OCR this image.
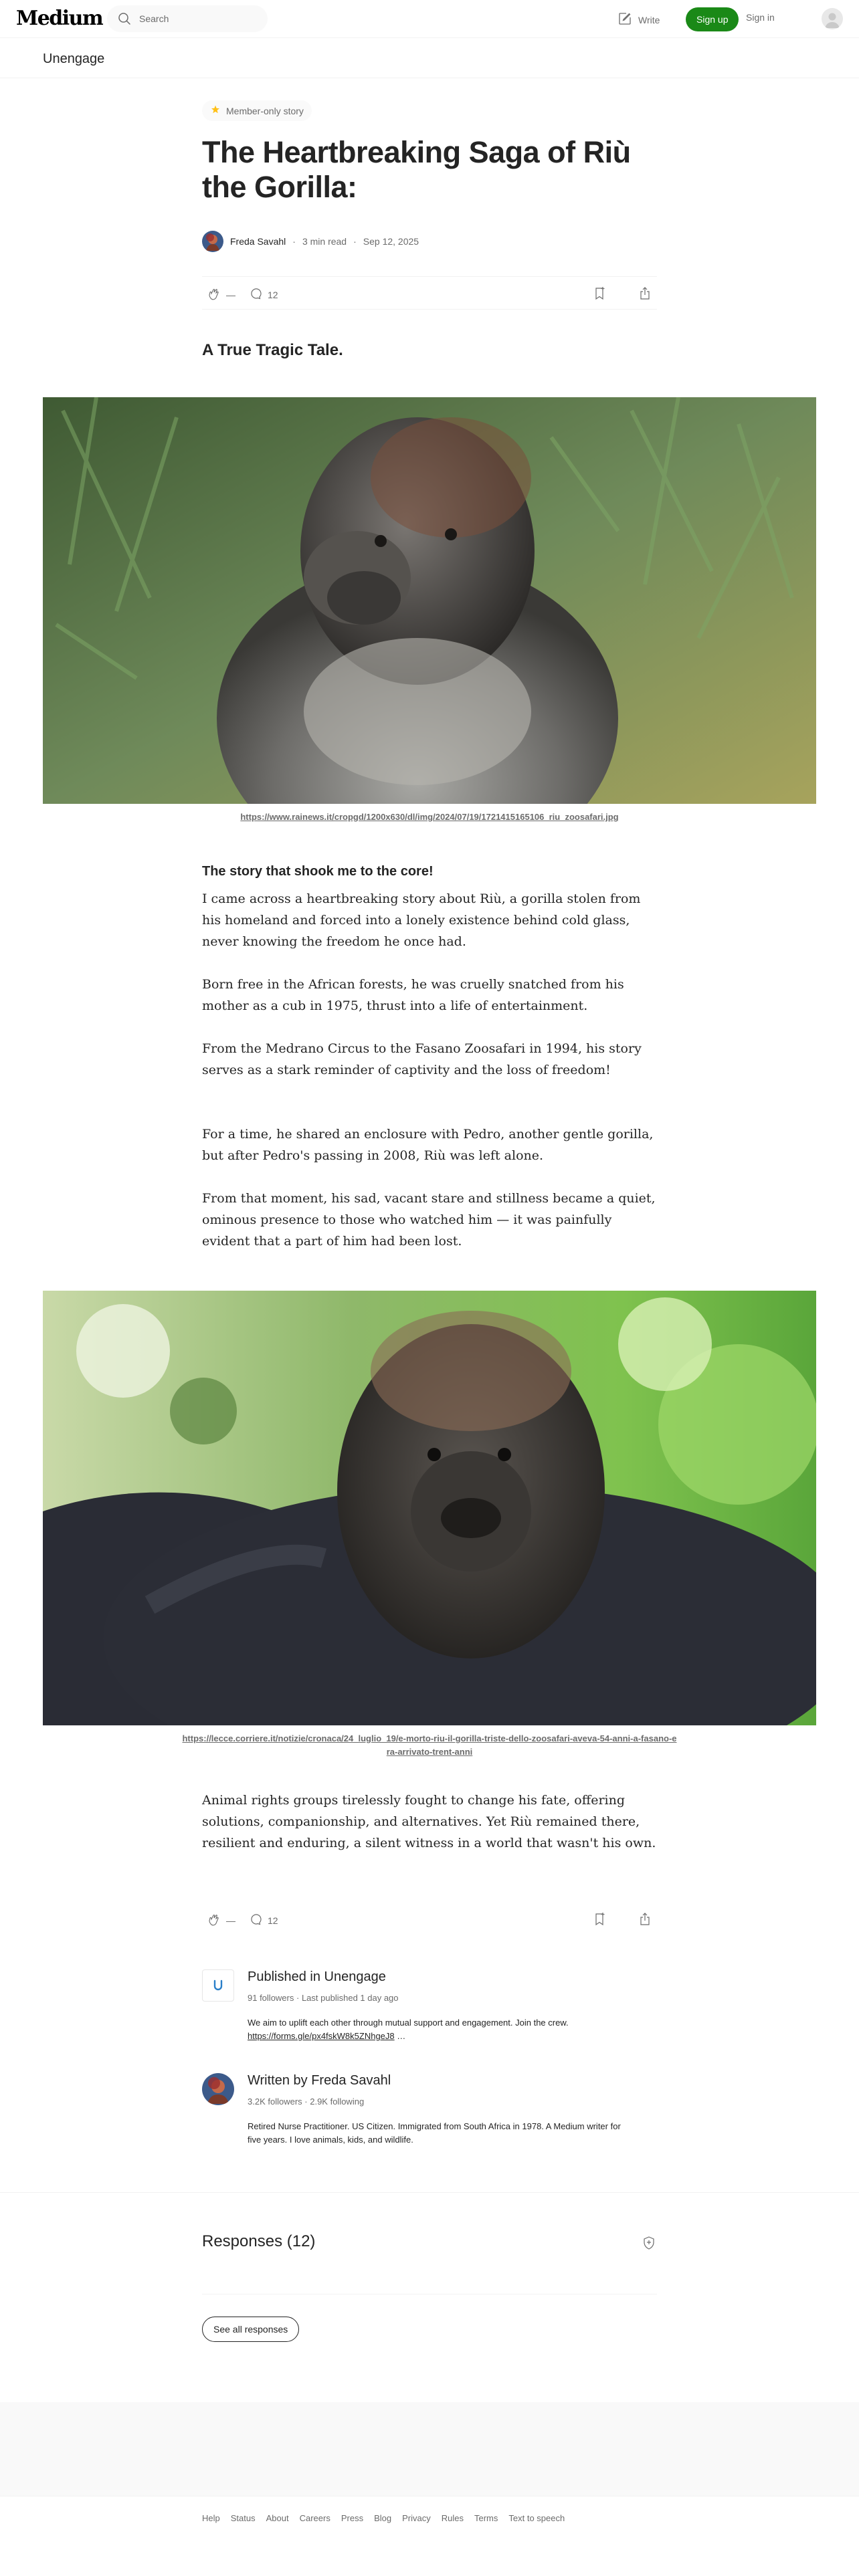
Medium
Search	Write	Sign up	Sign in
Unengage
Member-only story
The Heartbreaking Saga of Riù the Gorilla:
Freda Savahl · 3 min read · Sep 12, 2025
—	12
A True Tragic Tale.
https://www.rainews.it/cropgd/1200x630/dl/img/2024/07/19/1721415165106_riu_zoosafari.jpg
The story that shook me to the core!

I came across a heartbreaking story about Riù, a gorilla stolen from his homeland and forced into a lonely existence behind cold glass, never knowing the freedom he once had.

Born free in the African forests, he was cruelly snatched from his mother as a cub in 1975, thrust into a life of entertainment.

From the Medrano Circus to the Fasano Zoosafari in 1994, his story serves as a stark reminder of captivity and the loss of freedom!

For a time, he shared an enclosure with Pedro, another gentle gorilla, but after Pedro's passing in 2008, Riù was left alone.

From that moment, his sad, vacant stare and stillness became a quiet, ominous presence to those who watched him — it was painfully evident that a part of him had been lost.

https://lecce.corriere.it/notizie/cronaca/24_luglio_19/e-morto-riu-il-gorilla-triste-dello-zoosafari-aveva-54-anni-a-fasano-era-arrivato-trent-anni

Animal rights groups tirelessly fought to change his fate, offering solutions, companionship, and alternatives. Yet Riù remained there, resilient and enduring, a silent witness in a world that wasn't his own.

—	12
Published in Unengage
91 followers · Last published 1 day ago
We aim to uplift each other through mutual support and engagement. Join the crew. https://forms.gle/px4fskW8k5ZNhgeJ8 …
Written by Freda Savahl
3.2K followers · 2.9K following
Retired Nurse Practitioner. US Citizen. Immigrated from South Africa in 1978. A Medium writer for five years. I love animals, kids, and wildlife.
Responses (12)
See all responses
Help Status About Careers Press Blog Privacy Rules Terms Text to speech
